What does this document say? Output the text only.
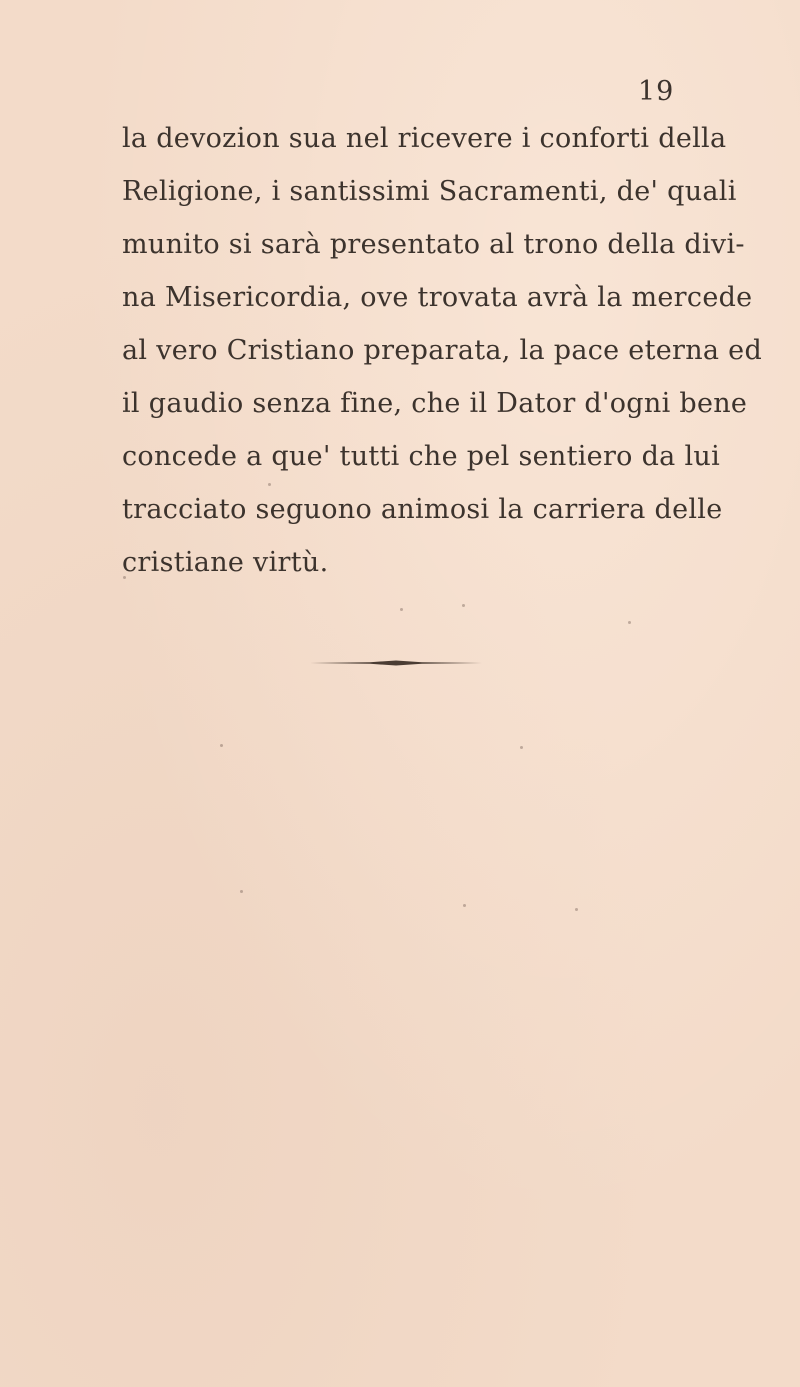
19
la devozion sua nel ricevere i conforti della
Religione, i santissimi Sacramenti, de' quali
munito si sarà presentato al trono della divi-
na Misericordia, ove trovata avrà la mercede
al vero Cristiano preparata, la pace eterna ed
il gaudio senza fine, che il Dator d'ogni bene
concede a que' tutti che pel sentiero da lui
tracciato seguono animosi la carriera delle
cristiane virtù.
